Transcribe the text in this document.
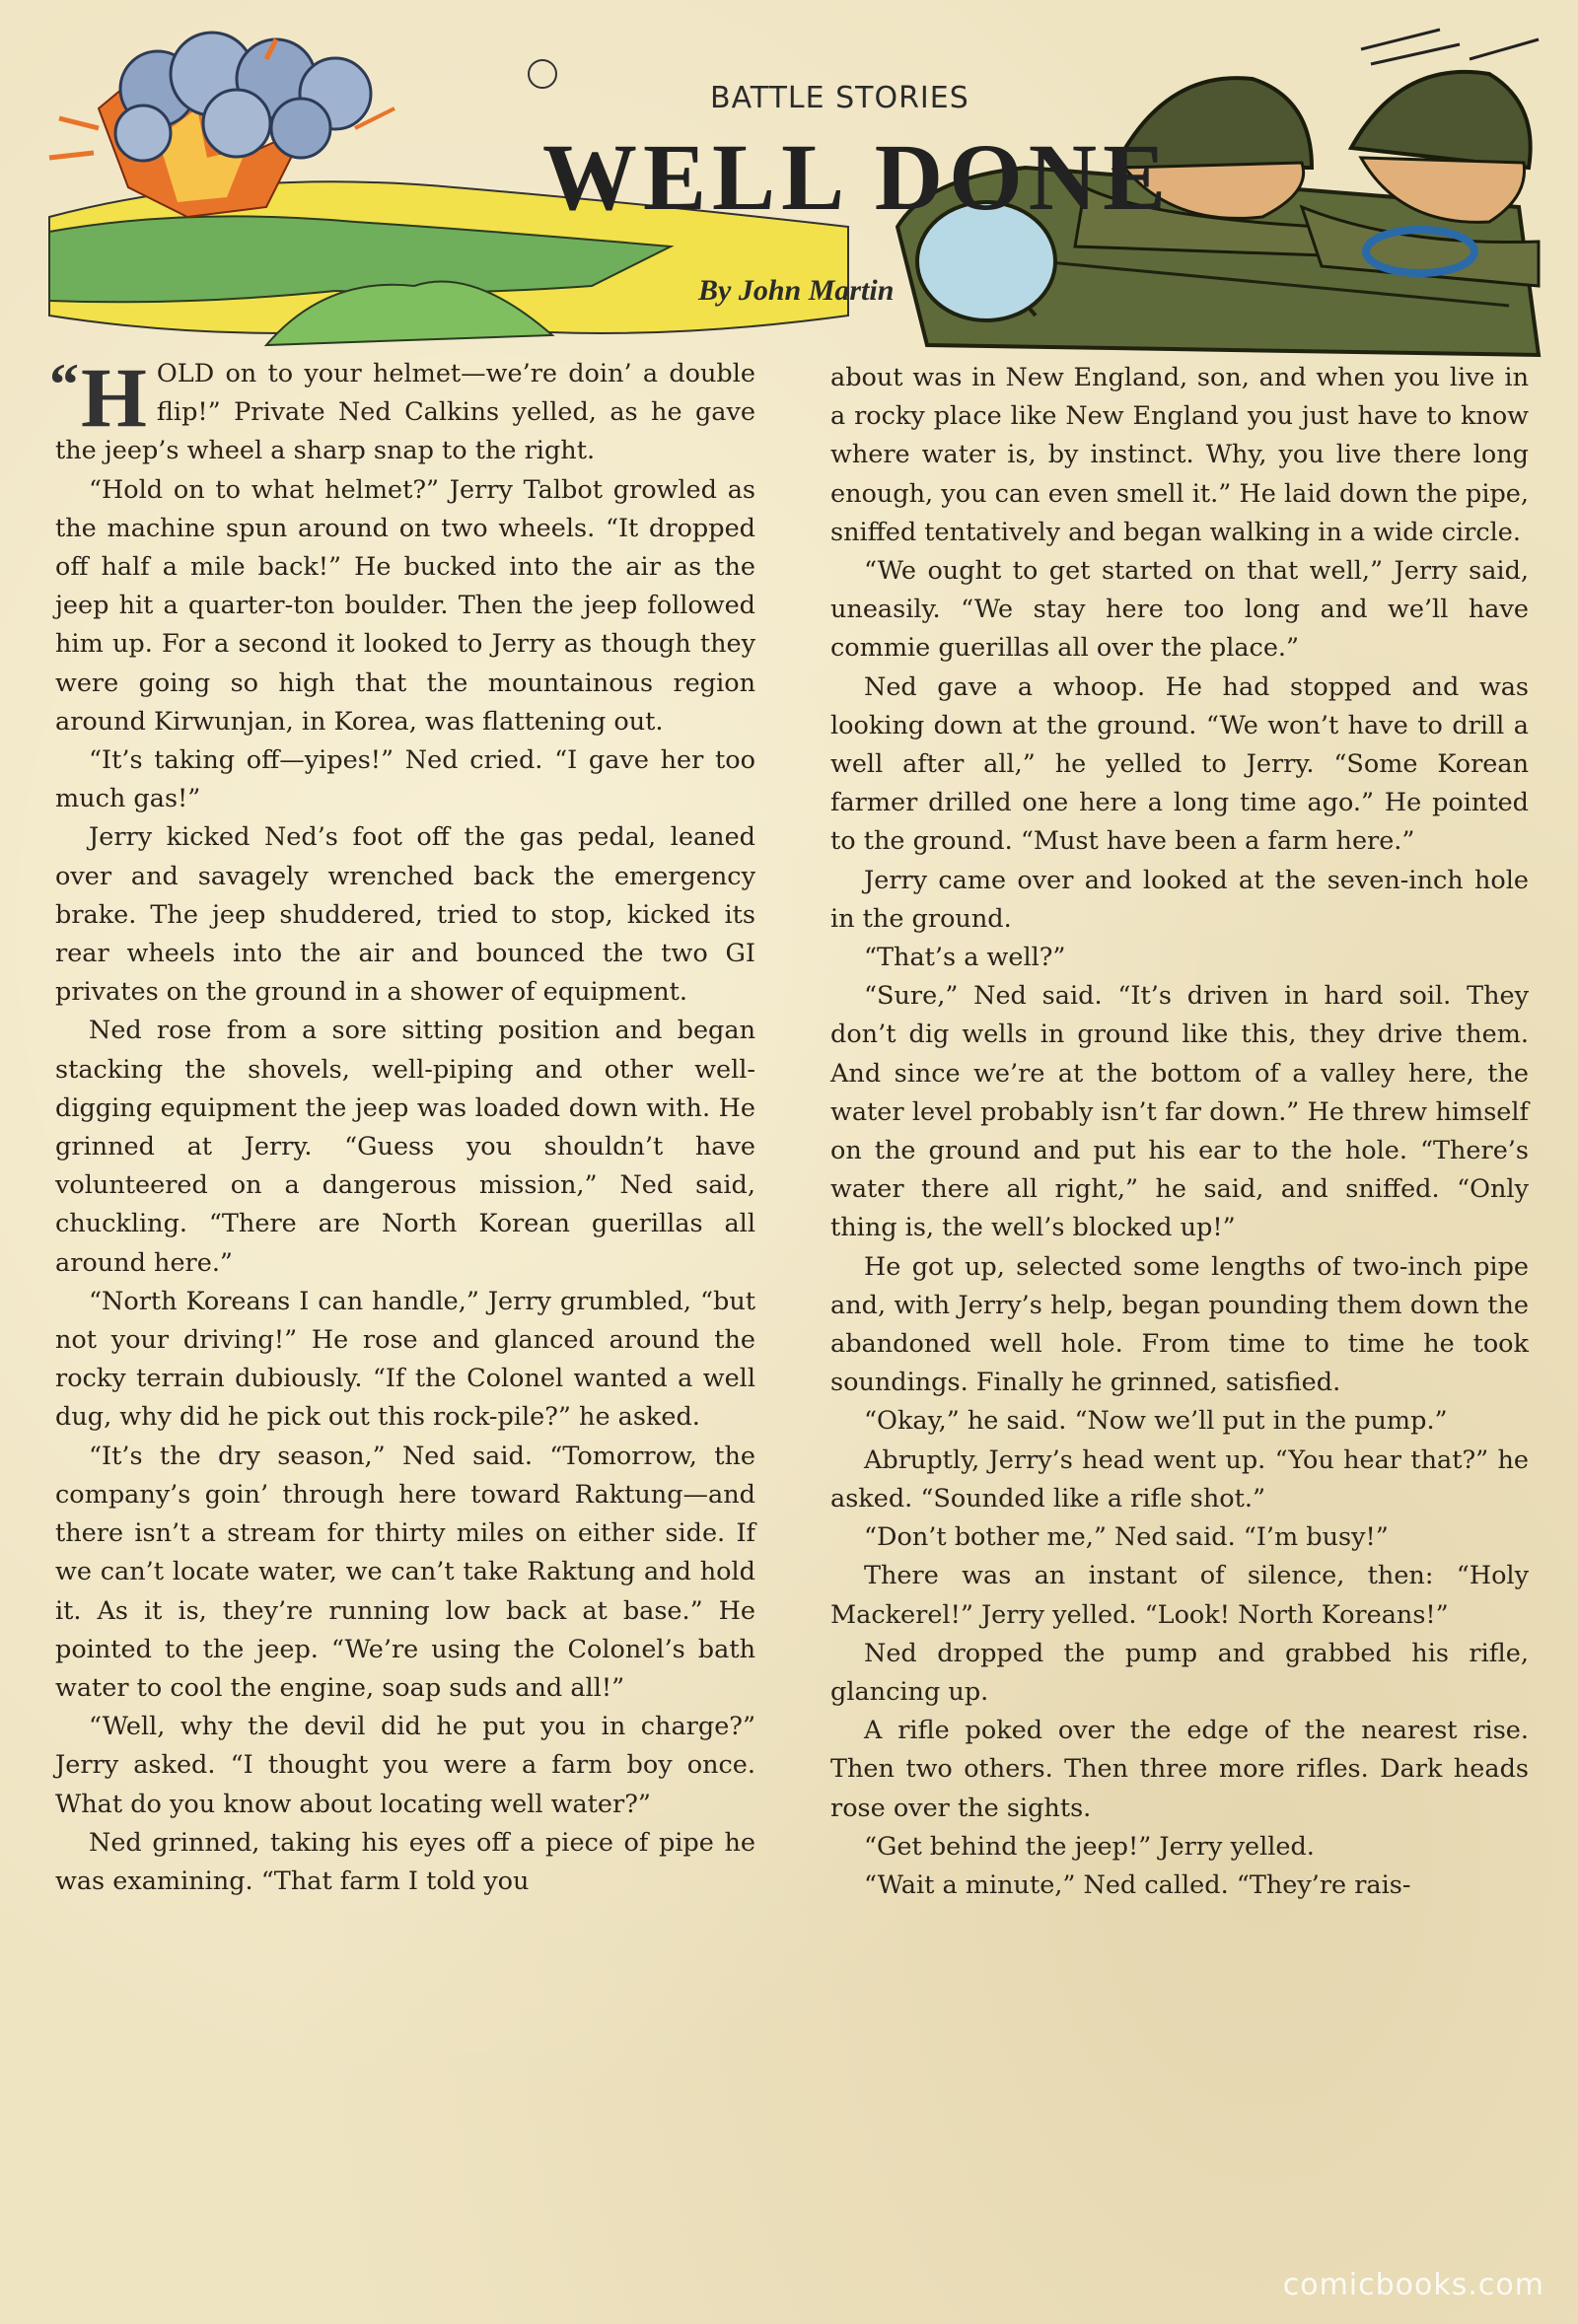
BATTLE STORIES
WELL DONE
By John Martin

“ H OLD on to your helmet—we’re doin’ a double flip!” Private Ned Calkins yelled, as he gave the jeep’s wheel a sharp snap to the right.

“Hold on to what helmet?” Jerry Talbot growled as the machine spun around on two wheels. “It dropped off half a mile back!” He bucked into the air as the jeep hit a quarter-ton boulder. Then the jeep followed him up. For a second it looked to Jerry as though they were going so high that the mountainous region around Kirwunjan, in Korea, was flattening out.

“It’s taking off—yipes!” Ned cried. “I gave her too much gas!”

Jerry kicked Ned’s foot off the gas pedal, leaned over and savagely wrenched back the emergency brake. The jeep shuddered, tried to stop, kicked its rear wheels into the air and bounced the two GI privates on the ground in a shower of equipment.

Ned rose from a sore sitting position and began stacking the shovels, well-piping and other well-digging equipment the jeep was loaded down with. He grinned at Jerry. “Guess you shouldn’t have volunteered on a dangerous mission,” Ned said, chuckling. “There are North Korean guerillas all around here.”

“North Koreans I can handle,” Jerry grumbled, “but not your driving!” He rose and glanced around the rocky terrain dubiously. “If the Colonel wanted a well dug, why did he pick out this rock-pile?” he asked.

“It’s the dry season,” Ned said. “Tomorrow, the company’s goin’ through here toward Raktung—and there isn’t a stream for thirty miles on either side. If we can’t locate water, we can’t take Raktung and hold it. As it is, they’re running low back at base.” He pointed to the jeep. “We’re using the Colonel’s bath water to cool the engine, soap suds and all!”

“Well, why the devil did he put you in charge?” Jerry asked. “I thought you were a farm boy once. What do you know about locating well water?”

Ned grinned, taking his eyes off a piece of pipe he was examining. “That farm I told you

about was in New England, son, and when you live in a rocky place like New England you just have to know where water is, by instinct. Why, you live there long enough, you can even smell it.” He laid down the pipe, sniffed tentatively and began walking in a wide circle.

“We ought to get started on that well,” Jerry said, uneasily. “We stay here too long and we’ll have commie guerillas all over the place.”

Ned gave a whoop. He had stopped and was looking down at the ground. “We won’t have to drill a well after all,” he yelled to Jerry. “Some Korean farmer drilled one here a long time ago.” He pointed to the ground. “Must have been a farm here.”

Jerry came over and looked at the seven-inch hole in the ground.

“That’s a well?”

“Sure,” Ned said. “It’s driven in hard soil. They don’t dig wells in ground like this, they drive them. And since we’re at the bottom of a valley here, the water level probably isn’t far down.” He threw himself on the ground and put his ear to the hole. “There’s water there all right,” he said, and sniffed. “Only thing is, the well’s blocked up!”

He got up, selected some lengths of two-inch pipe and, with Jerry’s help, began pounding them down the abandoned well hole. From time to time he took soundings. Finally he grinned, satisfied.

“Okay,” he said. “Now we’ll put in the pump.”

Abruptly, Jerry’s head went up. “You hear that?” he asked. “Sounded like a rifle shot.”

“Don’t bother me,” Ned said. “I’m busy!”

There was an instant of silence, then: “Holy Mackerel!” Jerry yelled. “Look! North Koreans!”

Ned dropped the pump and grabbed his rifle, glancing up.

A rifle poked over the edge of the nearest rise. Then two others. Then three more rifles. Dark heads rose over the sights.

“Get behind the jeep!” Jerry yelled.

“Wait a minute,” Ned called. “They’re rais-

comicbooks.com
